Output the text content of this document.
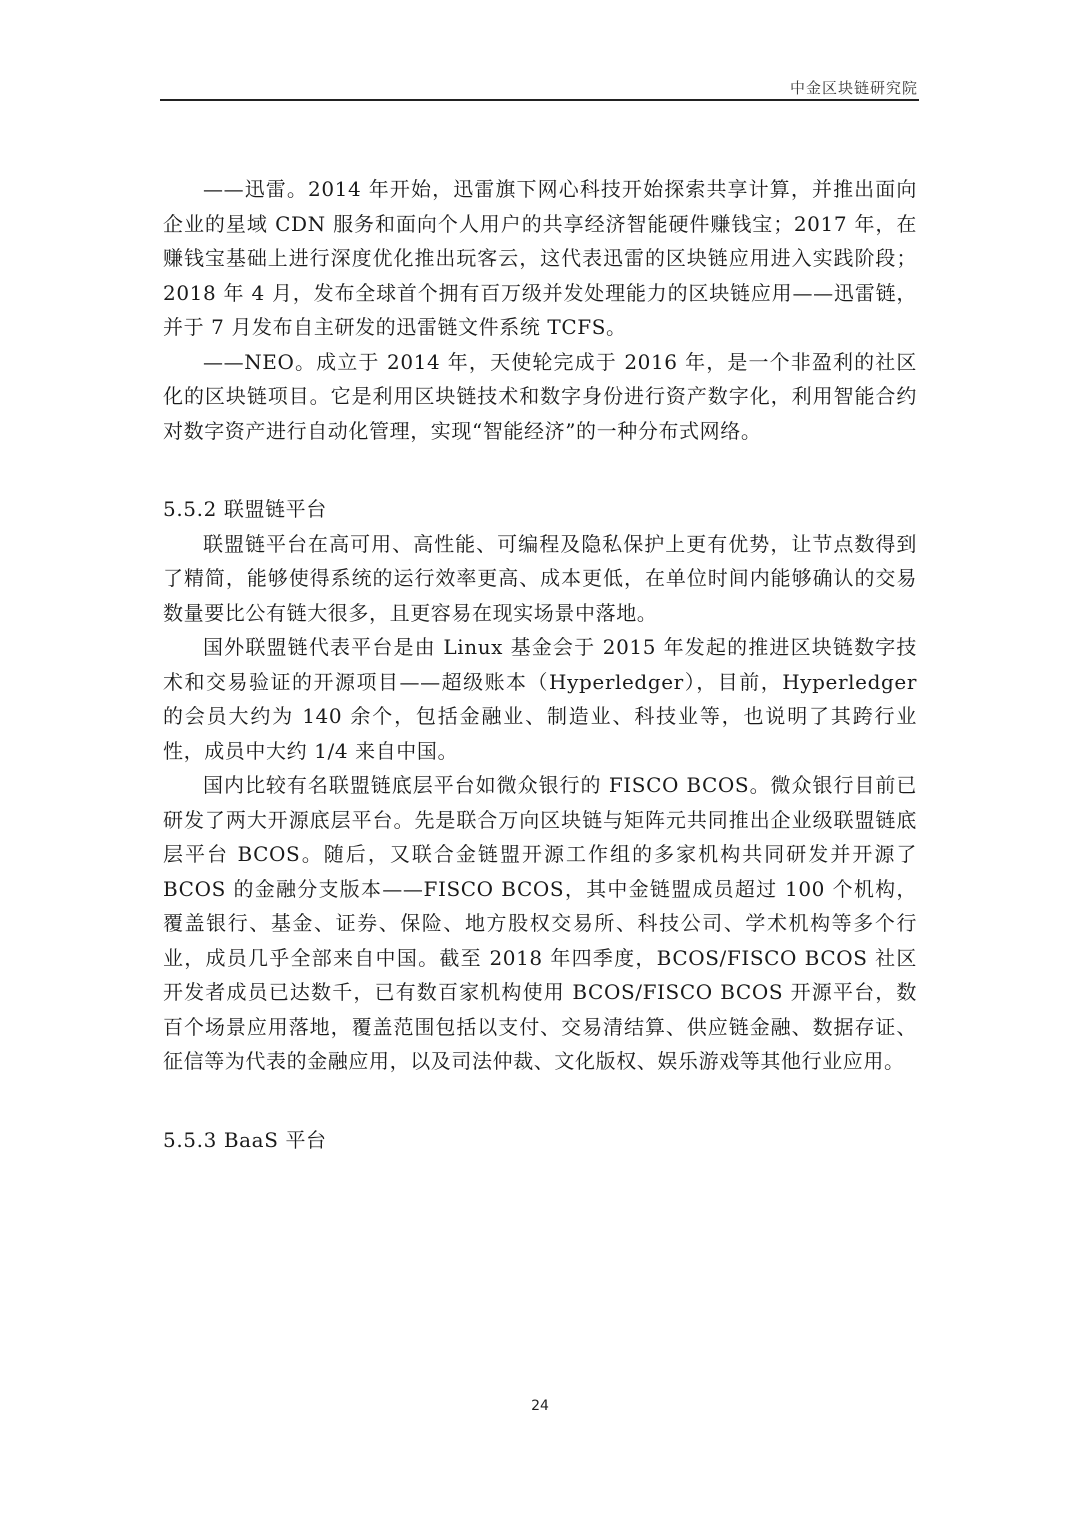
中金区块链研究院

——迅雷。2014 年开始，迅雷旗下网心科技开始探索共享计算，并推出面向企业的星域 CDN 服务和面向个人用户的共享经济智能硬件赚钱宝；2017 年，在赚钱宝基础上进行深度优化推出玩客云，这代表迅雷的区块链应用进入实践阶段；2018 年 4 月，发布全球首个拥有百万级并发处理能力的区块链应用——迅雷链，并于 7 月发布自主研发的迅雷链文件系统 TCFS。

——NEO。成立于 2014 年，天使轮完成于 2016 年，是一个非盈利的社区化的区块链项目。它是利用区块链技术和数字身份进行资产数字化，利用智能合约对数字资产进行自动化管理，实现“智能经济”的一种分布式网络。

5.5.2 联盟链平台

联盟链平台在高可用、高性能、可编程及隐私保护上更有优势，让节点数得到了精简，能够使得系统的运行效率更高、成本更低，在单位时间内能够确认的交易数量要比公有链大很多，且更容易在现实场景中落地。

国外联盟链代表平台是由 Linux 基金会于 2015 年发起的推进区块链数字技术和交易验证的开源项目——超级账本（Hyperledger），目前，Hyperledger 的会员大约为 140 余个，包括金融业、制造业、科技业等，也说明了其跨行业性，成员中大约 1/4 来自中国。

国内比较有名联盟链底层平台如微众银行的 FISCO BCOS。微众银行目前已研发了两大开源底层平台。先是联合万向区块链与矩阵元共同推出企业级联盟链底层平台 BCOS。随后，又联合金链盟开源工作组的多家机构共同研发并开源了 BCOS 的金融分支版本——FISCO BCOS，其中金链盟成员超过 100 个机构，覆盖银行、基金、证券、保险、地方股权交易所、科技公司、学术机构等多个行业，成员几乎全部来自中国。截至 2018 年四季度，BCOS/FISCO BCOS 社区开发者成员已达数千，已有数百家机构使用 BCOS/FISCO BCOS 开源平台，数百个场景应用落地，覆盖范围包括以支付、交易清结算、供应链金融、数据存证、征信等为代表的金融应用，以及司法仲裁、文化版权、娱乐游戏等其他行业应用。

5.5.3 BaaS 平台

24
